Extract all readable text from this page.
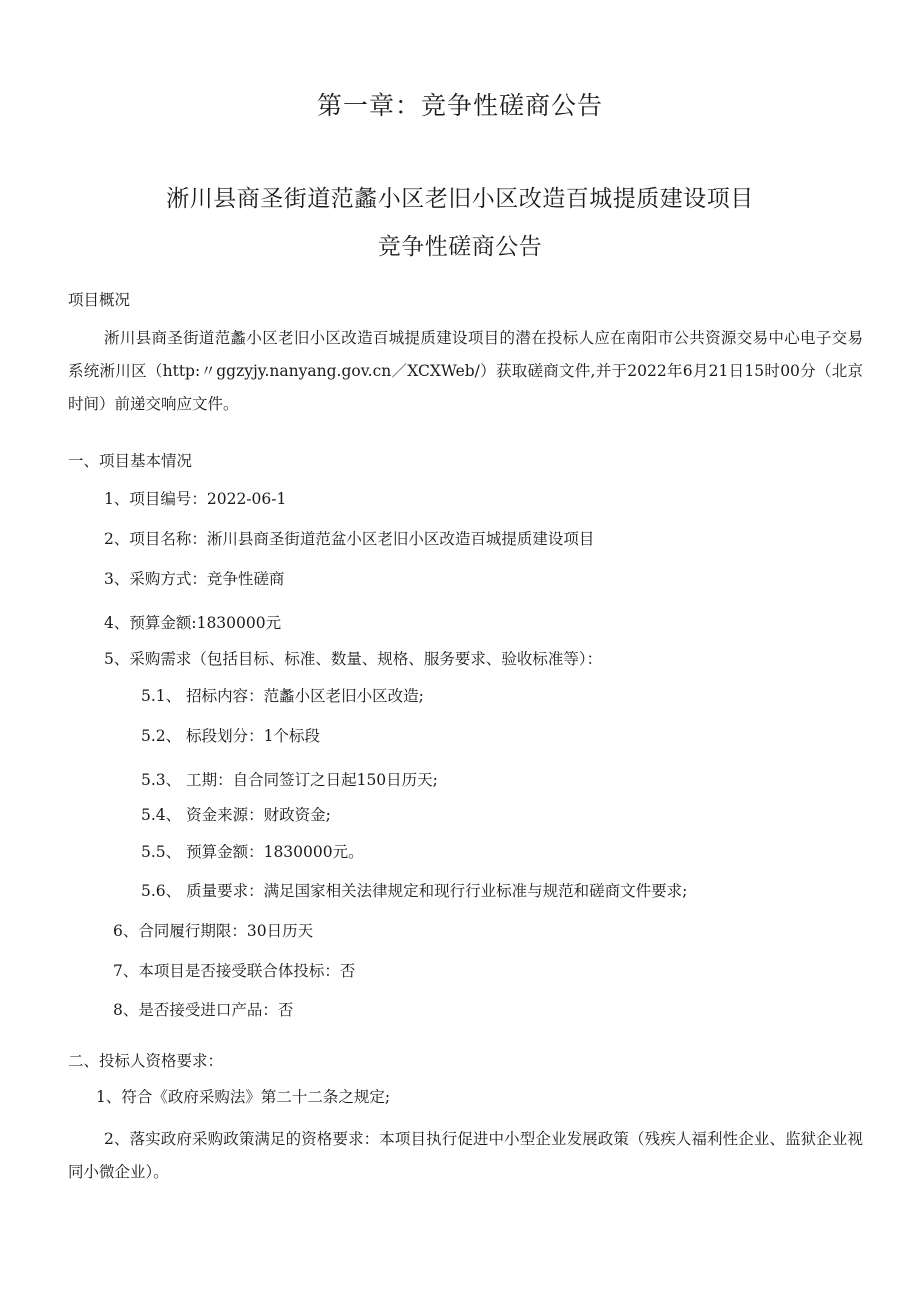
第一章：竞争性磋商公告
淅川县商圣街道范蠡小区老旧小区改造百城提质建设项目
竞争性磋商公告
项目概况
淅川县商圣街道范蠡小区老旧小区改造百城提质建设项目的潜在投标人应在南阳市公共资源交易中心电子交易系统淅川区（http:〃ggzyjy.nanyang.gov.cn／XCXWeb/）获取磋商文件,并于2022年6月21日15时00分（北京时间）前递交响应文件。
一、项目基本情况
1、项目编号：2022-06-1
2、项目名称：淅川县商圣街道范盆小区老旧小区改造百城提质建设项目
3、采购方式：竞争性磋商
4、预算金额:1830000元
5、采购需求（包括目标、标准、数量、规格、服务要求、验收标准等）：
5.1、 招标内容：范蠡小区老旧小区改造;
5.2、 标段划分：1个标段
5.3、 工期：自合同签订之日起150日历天;
5.4、 资金来源：财政资金;
5.5、 预算金额：1830000元。
5.6、 质量要求：满足国家相关法律规定和现行行业标准与规范和磋商文件要求;
6、合同履行期限：30日历天
7、本项目是否接受联合体投标：否
8、是否接受进口产品：否
二、投标人资格要求：
1、符合《政府采购法》第二十二条之规定;
2、落实政府采购政策满足的资格要求：本项目执行促进中小型企业发展政策（残疾人福利性企业、监狱企业视同小微企业）。
